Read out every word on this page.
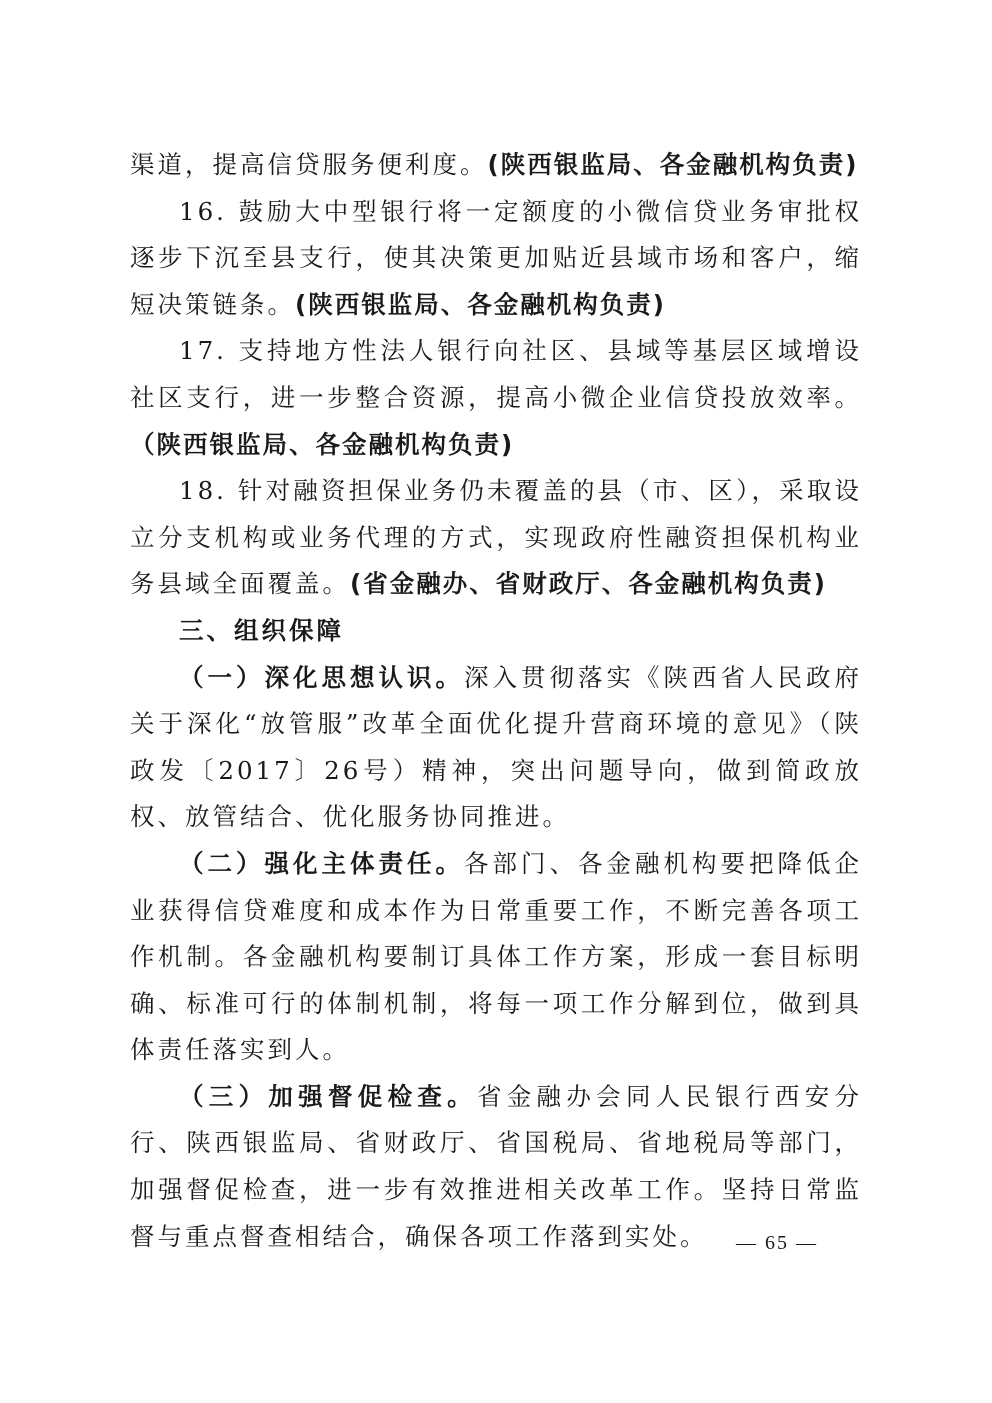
渠道，提高信贷服务便利度。(陕西银监局、各金融机构负责)

16. 鼓励大中型银行将一定额度的小微信贷业务审批权逐步下沉至县支行，使其决策更加贴近县域市场和客户，缩短决策链条。(陕西银监局、各金融机构负责)

17. 支持地方性法人银行向社区、县域等基层区域增设社区支行，进一步整合资源，提高小微企业信贷投放效率。（陕西银监局、各金融机构负责)

18. 针对融资担保业务仍未覆盖的县（市、区），采取设立分支机构或业务代理的方式，实现政府性融资担保机构业务县域全面覆盖。(省金融办、省财政厅、各金融机构负责)

三、组织保障

（一）深化思想认识。深入贯彻落实《陕西省人民政府关于深化“放管服”改革全面优化提升营商环境的意见》（陕政发〔2017〕26号）精神，突出问题导向，做到简政放权、放管结合、优化服务协同推进。

（二）强化主体责任。各部门、各金融机构要把降低企业获得信贷难度和成本作为日常重要工作，不断完善各项工作机制。各金融机构要制订具体工作方案，形成一套目标明确、标准可行的体制机制，将每一项工作分解到位，做到具体责任落实到人。

（三）加强督促检查。省金融办会同人民银行西安分行、陕西银监局、省财政厅、省国税局、省地税局等部门，加强督促检查，进一步有效推进相关改革工作。坚持日常监督与重点督查相结合，确保各项工作落到实处。	— 65 —
